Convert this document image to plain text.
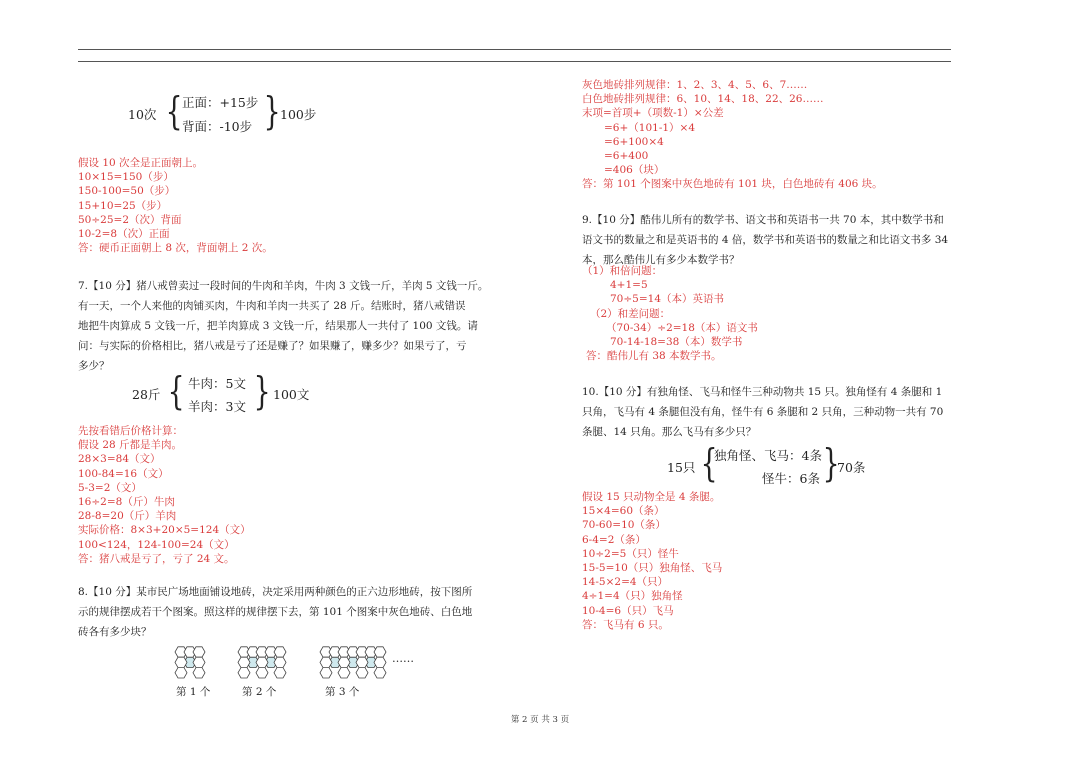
10次 { 正面：+15步
背面：-10步 } 100步
假设 10 次全是正面朝上。
10×15=150（步）
150-100=50（步）
15+10=25（步）
50÷25=2（次）背面
10-2=8（次）正面
答：硬币正面朝上 8 次，背面朝上 2 次。
7.【10 分】猪八戒曾卖过一段时间的牛肉和羊肉，牛肉 3 文钱一斤，羊肉 5 文钱一斤。
有一天，一个人来他的肉铺买肉，牛肉和羊肉一共买了 28 斤。结账时，猪八戒错误
地把牛肉算成 5 文钱一斤，把羊肉算成 3 文钱一斤，结果那人一共付了 100 文钱。请
问：与实际的价格相比，猪八戒是亏了还是赚了？如果赚了，赚多少？如果亏了，亏
多少？
28斤 { 牛肉：5文
羊肉：3文 } 100文
先按看错后价格计算：
假设 28 斤都是羊肉。
28×3=84（文）
100-84=16（文）
5-3=2（文）
16÷2=8（斤）牛肉
28-8=20（斤）羊肉
实际价格：8×3+20×5=124（文）
100<124，124-100=24（文）
答：猪八戒是亏了，亏了 24 文。
8.【10 分】某市民广场地面铺设地砖，决定采用两种颜色的正六边形地砖，按下图所
示的规律摆成若干个图案。照这样的规律摆下去，第 101 个图案中灰色地砖、白色地
砖各有多少块？
第 1 个	第 2 个	第 3 个
……
灰色地砖排列规律：1、2、3、4、5、6、7……
白色地砖排列规律：6、10、14、18、22、26……
末项=首项+（项数-1）×公差
=6+（101-1）×4
=6+100×4
=6+400
=406（块）
答：第 101 个图案中灰色地砖有 101 块，白色地砖有 406 块。
9.【10 分】酷伟儿所有的数学书、语文书和英语书一共 70 本，其中数学书和
语文书的数量之和是英语书的 4 倍，数学书和英语书的数量之和比语文书多 34
本，那么酷伟儿有多少本数学书？
（1）和倍问题：
4+1=5
70÷5=14（本）英语书
（2）和差问题：
（70-34）÷2=18（本）语文书
70-14-18=38（本）数学书
答：酷伟儿有 38 本数学书。
10.【10 分】有独角怪、飞马和怪牛三种动物共 15 只。独角怪有 4 条腿和 1
只角，飞马有 4 条腿但没有角，怪牛有 6 条腿和 2 只角，三种动物一共有 70
条腿、14 只角。那么飞马有多少只？
15只 {
独角怪、飞马：4条
怪牛：6条 }
70条
假设 15 只动物全是 4 条腿。
15×4=60（条）
70-60=10（条）
6-4=2（条）
10÷2=5（只）怪牛
15-5=10（只）独角怪、飞马
14-5×2=4（只）
4÷1=4（只）独角怪
10-4=6（只）飞马
答：飞马有 6 只。
第 2 页 共 3 页
